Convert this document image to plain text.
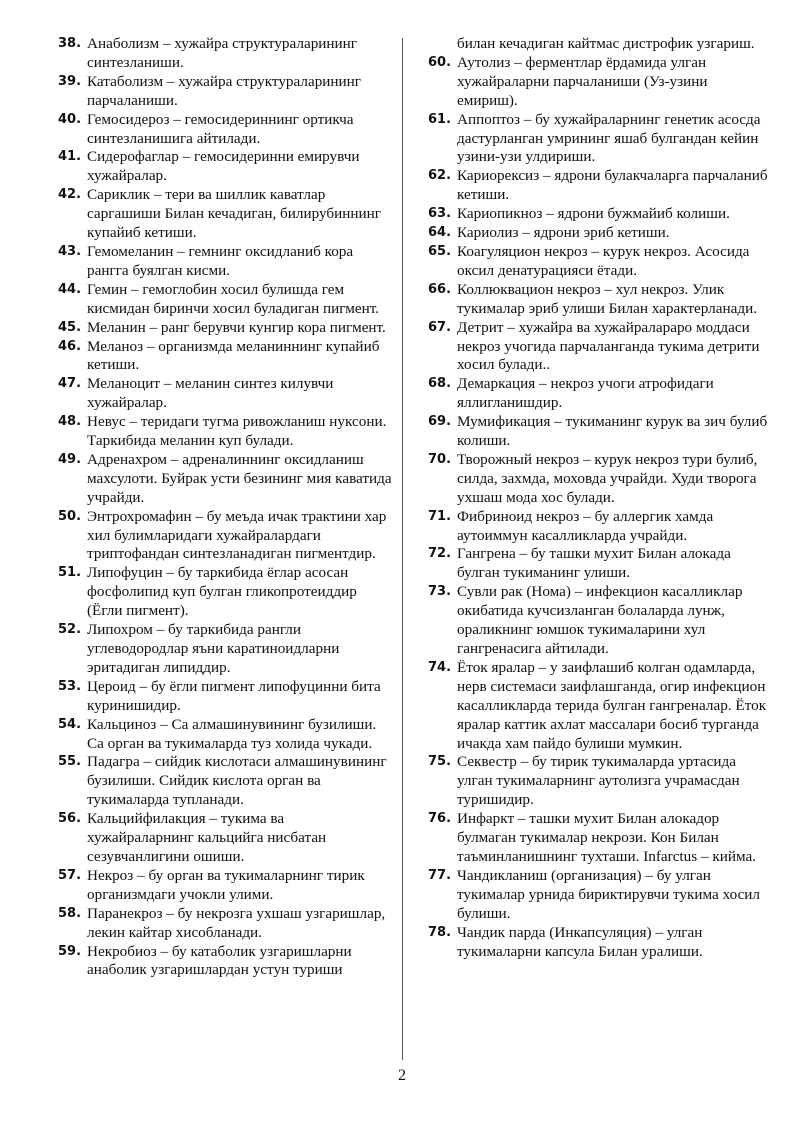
38. Анаболизм – хужайра структураларининг синтезланиши.

39. Катаболизм – хужайра структураларининг парчаланиши.

40. Гемосидероз – гемосидериннинг ортикча синтезланишига айтилади.

41. Сидерофаглар – гемосидеринни емирувчи хужайралар.

42. Сариклик – тери ва шиллик каватлар саргашиши Билан кечадиган, билирубиннинг купайиб кетиши.

43. Гемомеланин – гемнинг оксидланиб кора рангга буялган кисми.

44. Гемин – гемоглобин хосил булишда гем кисмидан биринчи хосил буладиган пигмент.

45. Меланин – ранг берувчи кунгир кора пигмент.

46. Меланоз – организмда меланиннинг купайиб кетиши.

47. Меланоцит – меланин синтез килувчи хужайралар.

48. Невус – теридаги тугма ривожланиш нуксони. Таркибида меланин куп булади.

49. Адренахром – адреналиннинг оксидланиш махсулоти. Буйрак усти безининг мия каватида учрайди.

50. Энтрохромафин – бу меъда ичак трактини хар хил булимларидаги хужайралардаги триптофандан синтезланадиган пигментдир.

51. Липофуцин – бу таркибида ёглар асосан фосфолипид куп булган гликопротеиддир (Ёгли пигмент).

52. Липохром – бу таркибида рангли углеводородлар яъни каратиноидларни эритадиган липиддир.

53. Цероид – бу ёгли пигмент липофуцинни бита куринишидир.

54. Кальциноз – Са алмашинувининг бузилиши. Са орган ва тукималарда туз холида чукади.

55. Падагра – сийдик кислотаси алмашинувининг бузилиши. Сийдик кислота орган ва тукималарда тупланади.

56. Кальцийфилакция – тукима ва хужайраларнинг кальцийга нисбатан сезувчанлигини ошиши.

57. Некроз – бу орган ва тукималарнинг тирик организмдаги учокли улими.

58. Паранекроз – бу некрозга ухшаш узгаришлар, лекин кайтар хисобланади.

59. Некробиоз – бу катаболик узгаришларни анаболик узгаришлардан устун туриши

билан кечадиган кайтмас дистрофик узгариш.

60. Аутолиз – ферментлар ёрдамида улган хужайраларни парчаланиши (Уз-узини емириш).

61. Аппоптоз – бу хужайраларнинг генетик асосда дастурланган умрининг яшаб булгандан кейин узини-узи улдириши.

62. Кариорексиз – ядрони булакчаларга парчаланиб кетиши.

63. Кариопикноз – ядрони бужмайиб колиши.

64. Кариолиз – ядрони эриб кетиши.

65. Коагуляцион некроз – курук некроз. Асосида оксил денатурацияси ётади.

66. Коллюквацион некроз – хул некроз. Улик тукималар эриб улиши Билан характерланади.

67. Детрит – хужайра ва хужайралараро моддаси некроз учогида парчаланганда тукима детрити хосил булади..

68. Демаркация – некроз учоги атрофидаги яллигланишдир.

69. Мумификация – тукиманинг курук ва зич булиб колиши.

70. Творожный некроз – курук некроз тури булиб, силда, захмда, моховда учрайди. Худи творога ухшаш мода хос булади.

71. Фибриноид некроз – бу аллергик хамда аутоиммун касалликларда учрайди.

72. Гангрена – бу ташки мухит Билан алокада булган тукиманинг улиши.

73. Сувли рак (Нома) – инфекцион касалликлар окибатида кучсизланган болаларда лунж, ораликнинг юмшок тукималарини хул гангренасига айтилади.

74. Ёток яралар – у заифлашиб колган одамларда, нерв системаси заифлашганда, огир инфекцион касалликларда терида булган гангреналар. Ёток яралар каттик ахлат массалари босиб турганда ичакда хам пайдо булиши мумкин.

75. Секвестр – бу тирик тукималарда уртасида улган тукималарнинг аутолизга учрамасдан туришидир.

76. Инфаркт – ташки мухит Билан алокадор булмаган тукималар некрози. Кон Билан таъминланишнинг тухташи. Infarctus – кийма.

77. Чандикланиш (организация) – бу улган тукималар урнида бириктирувчи тукима хосил булиши.

78. Чандик парда (Инкапсуляция) – улган тукималарни капсула Билан уралиши.

2
